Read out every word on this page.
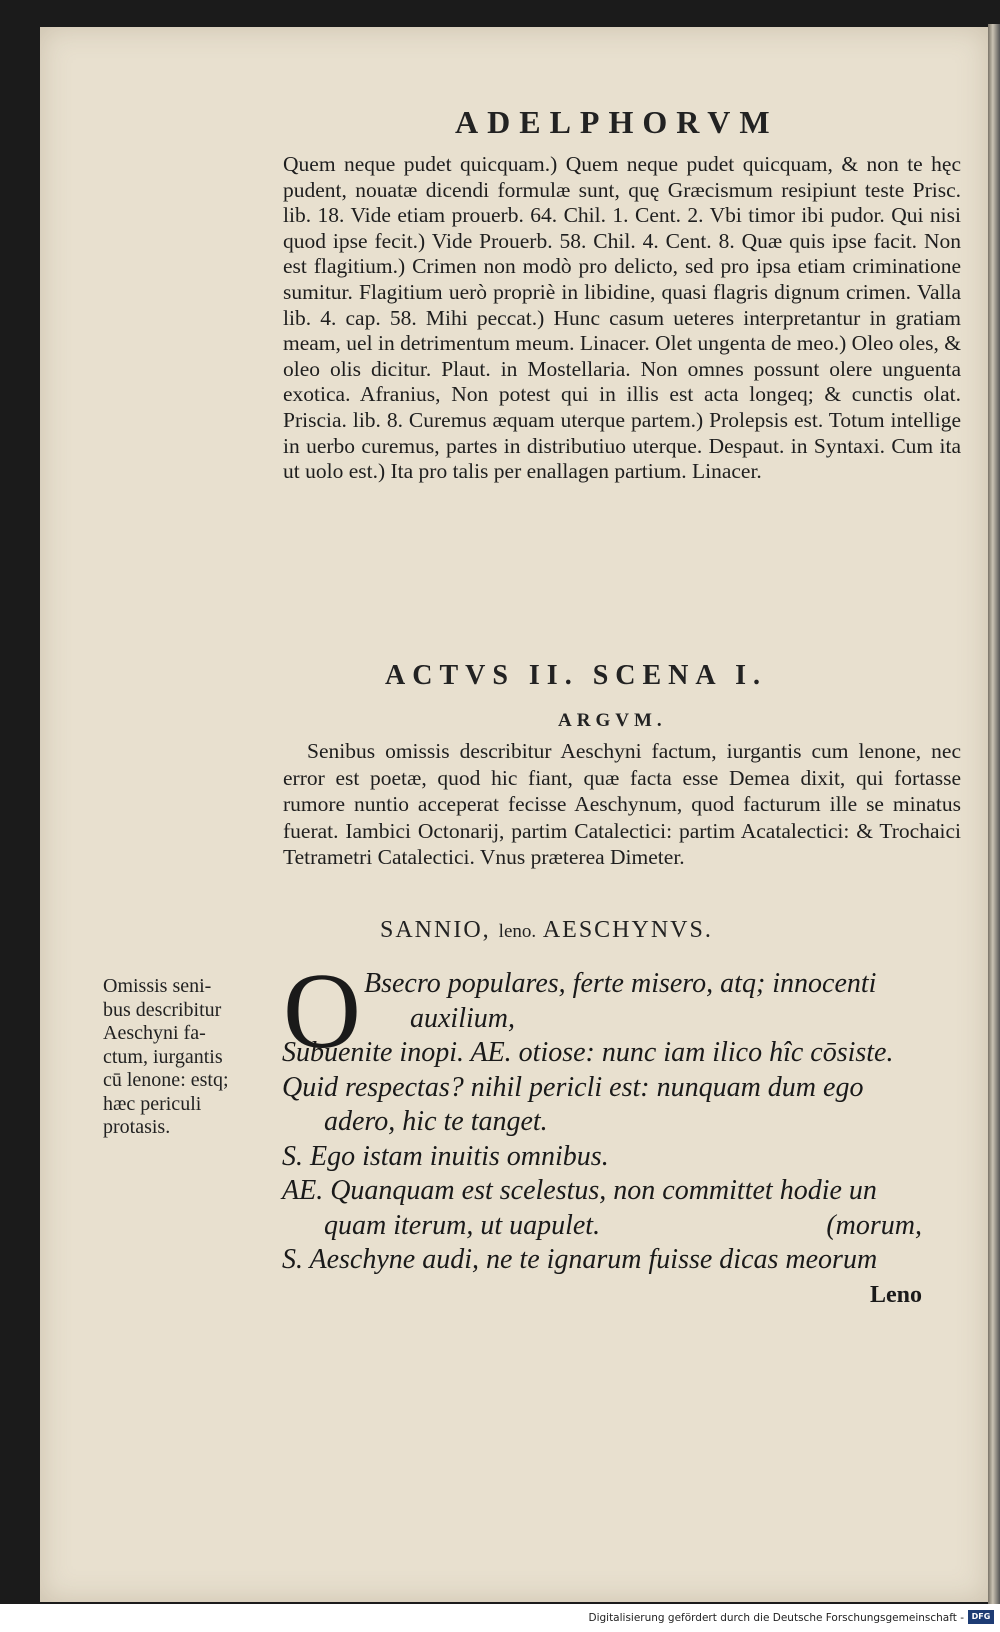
ADELPHORVM

Quem neque pudet quicquam.) Quem neque pudet quicquam, & non te hęc pudent, nouatæ dicendi formulæ sunt, quę Græcismum resipiunt teste Prisc. lib. 18. Vide etiam prouerb. 64. Chil. 1. Cent. 2. Vbi timor ibi pudor. Qui nisi quod ipse fecit.) Vide Prouerb. 58. Chil. 4. Cent. 8. Quæ quis ipse facit. Non est flagitium.) Crimen non modò pro delicto, sed pro ipsa etiam criminatione sumitur. Flagitium uerò propriè in libidine, quasi flagris dignum crimen. Valla lib. 4. cap. 58. Mihi peccat.) Hunc casum ueteres interpretantur in gratiam meam, uel in detrimentum meum. Linacer. Olet ungenta de meo.) Oleo oles, & oleo olis dicitur. Plaut. in Mostellaria. Non omnes possunt olere unguenta exotica. Afranius, Non potest qui in illis est acta longeq; & cunctis olat. Priscia. lib. 8. Curemus æquam uterque partem.) Prolepsis est. Totum intellige in uerbo curemus, partes in distributiuo uterque. Despaut. in Syntaxi. Cum ita ut uolo est.) Ita pro talis per enallagen partium. Linacer.

ACTVS II. SCENA I.
ARGVM.

Senibus omissis describitur Aeschyni factum, iurgantis cum lenone, nec error est poetæ, quod hic fiant, quæ facta esse Demea dixit, qui fortasse rumore nuntio acceperat fecisse Aeschynum, quod facturum ille se minatus fuerat. Iambici Octonarij, partim Catalectici: partim Acatalectici: & Trochaici Tetrametri Catalectici. Vnus præterea Dimeter.

SANNIO, leno. AESCHYNVS.

Omissis seni-

bus describitur

Aeschyni fa-

ctum, iurgantis

cū lenone: estq;

hæc periculi

protasis.

O Bsecro populares, ferte misero, atq; innocenti
auxilium,
Subuenite inopi. AE. otiose: nunc iam ilico hîc cōsiste.
Quid respectas? nihil pericli est: nunquam dum ego
adero, hic te tanget.
S. Ego istam inuitis omnibus.
AE. Quanquam est scelestus, non committet hodie un
quam iterum, ut uapulet.	(morum,
S. Aeschyne audi, ne te ignarum fuisse dicas meorum
Leno
Digitalisierung gefördert durch die Deutsche Forschungsgemeinschaft - DFG
